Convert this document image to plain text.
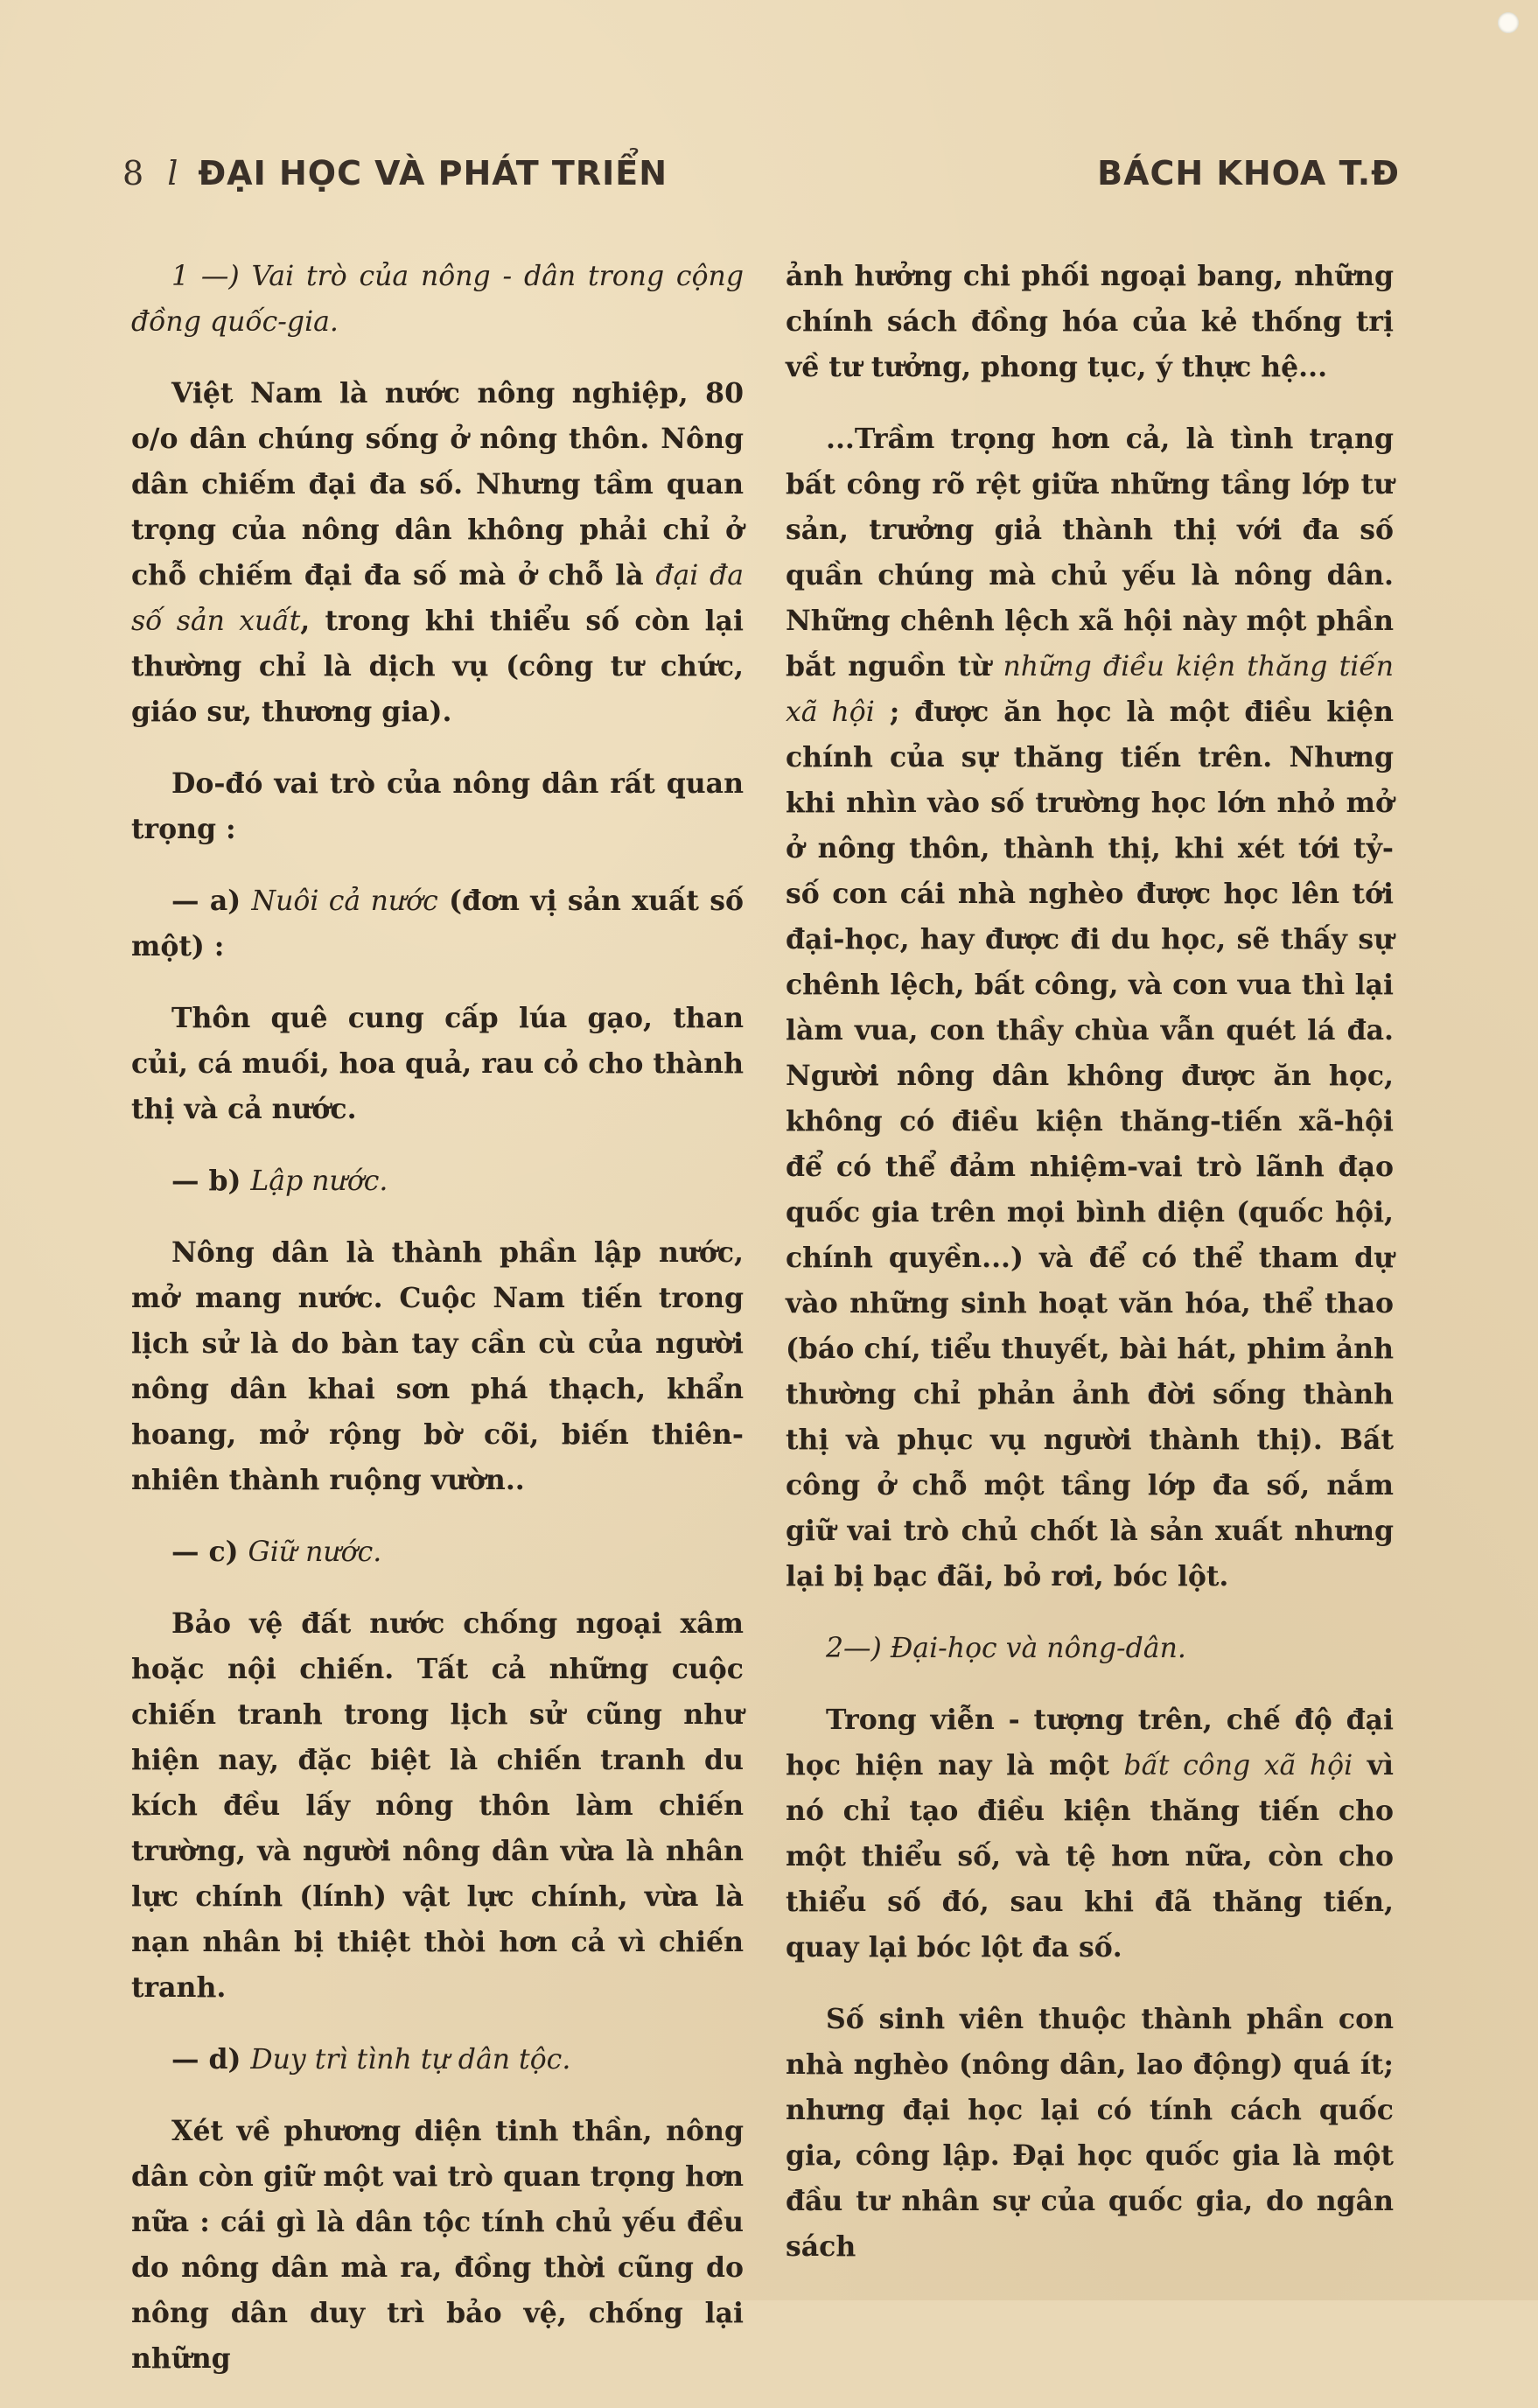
8 l ĐẠI HỌC VÀ PHÁT TRIỂN	BÁCH KHOA T.Đ

1 —) Vai trò của nông - dân trong cộng đồng quốc-gia.

Việt Nam là nước nông nghiệp, 80 o/o dân chúng sống ở nông thôn. Nông dân chiếm đại đa số. Nhưng tầm quan trọng của nông dân không phải chỉ ở chỗ chiếm đại đa số mà ở chỗ là đại đa số sản xuất, trong khi thiểu số còn lại thường chỉ là dịch vụ (công tư chức, giáo sư, thương gia).

Do-đó vai trò của nông dân rất quan trọng :

— a) Nuôi cả nước (đơn vị sản xuất số một) :

Thôn quê cung cấp lúa gạo, than củi, cá muối, hoa quả, rau cỏ cho thành thị và cả nước.

— b) Lập nước.

Nông dân là thành phần lập nước, mở mang nước. Cuộc Nam tiến trong lịch sử là do bàn tay cần cù của người nông dân khai sơn phá thạch, khẩn hoang, mở rộng bờ cõi, biến thiên-nhiên thành ruộng vườn..

— c) Giữ nước.

Bảo vệ đất nước chống ngoại xâm hoặc nội chiến. Tất cả những cuộc chiến tranh trong lịch sử cũng như hiện nay, đặc biệt là chiến tranh du kích đều lấy nông thôn làm chiến trường, và người nông dân vừa là nhân lực chính (lính) vật lực chính, vừa là nạn nhân bị thiệt thòi hơn cả vì chiến tranh.

— d) Duy trì tình tự dân tộc.

Xét về phương diện tinh thần, nông dân còn giữ một vai trò quan trọng hơn nữa : cái gì là dân tộc tính chủ yếu đều do nông dân mà ra, đồng thời cũng do nông dân duy trì bảo vệ, chống lại những

ảnh hưởng chi phối ngoại bang, những chính sách đồng hóa của kẻ thống trị về tư tưởng, phong tục, ý thực hệ...

...Trầm trọng hơn cả, là tình trạng bất công rõ rệt giữa những tầng lớp tư sản, trưởng giả thành thị với đa số quần chúng mà chủ yếu là nông dân. Những chênh lệch xã hội này một phần bắt nguồn từ những điều kiện thăng tiến xã hội ; được ăn học là một điều kiện chính của sự thăng tiến trên. Nhưng khi nhìn vào số trường học lớn nhỏ mở ở nông thôn, thành thị, khi xét tới tỷ-số con cái nhà nghèo được học lên tới đại-học, hay được đi du học, sẽ thấy sự chênh lệch, bất công, và con vua thì lại làm vua, con thầy chùa vẫn quét lá đa. Người nông dân không được ăn học, không có điều kiện thăng-tiến xã-hội để có thể đảm nhiệm-vai trò lãnh đạo quốc gia trên mọi bình diện (quốc hội, chính quyền...) và để có thể tham dự vào những sinh hoạt văn hóa, thể thao (báo chí, tiểu thuyết, bài hát, phim ảnh thường chỉ phản ảnh đời sống thành thị và phục vụ người thành thị). Bất công ở chỗ một tầng lớp đa số, nắm giữ vai trò chủ chốt là sản xuất nhưng lại bị bạc đãi, bỏ rơi, bóc lột.

2—) Đại-học và nông-dân.

Trong viễn - tượng trên, chế độ đại học hiện nay là một bất công xã hội vì nó chỉ tạo điều kiện thăng tiến cho một thiểu số, và tệ hơn nữa, còn cho thiểu số đó, sau khi đã thăng tiến, quay lại bóc lột đa số.

Số sinh viên thuộc thành phần con nhà nghèo (nông dân, lao động) quá ít; nhưng đại học lại có tính cách quốc gia, công lập. Đại học quốc gia là một đầu tư nhân sự của quốc gia, do ngân sách
